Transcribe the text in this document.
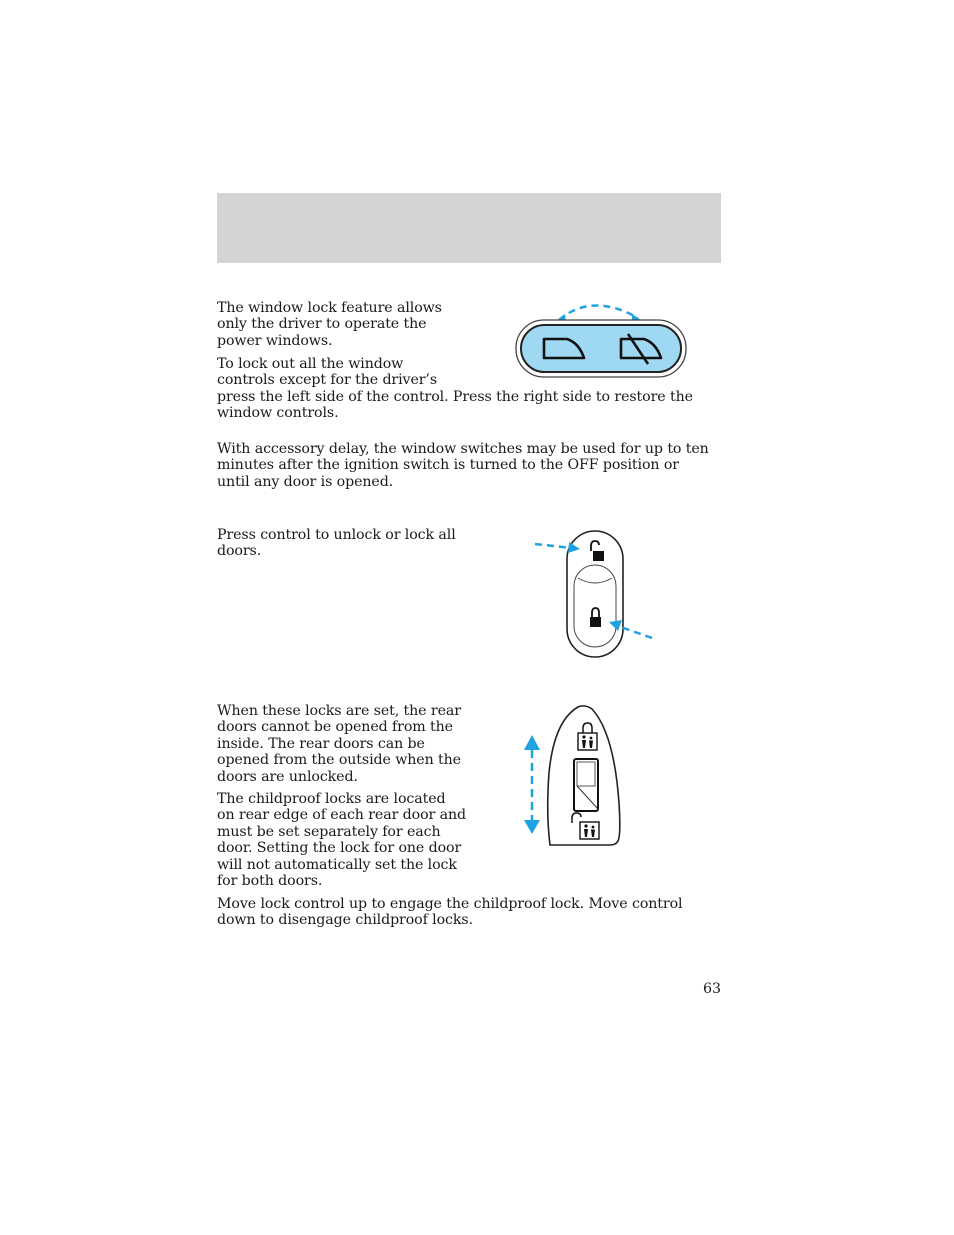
The window lock feature allows only the driver to operate the power windows.

To lock out all the window controls except for the driver’s press the left side of the control. Press the right side to restore the window controls.

With accessory delay, the window switches may be used for up to ten minutes after the ignition switch is turned to the OFF position or until any door is opened.

Press control to unlock or lock all doors.

When these locks are set, the rear doors cannot be opened from the inside. The rear doors can be opened from the outside when the doors are unlocked.

The childproof locks are located on rear edge of each rear door and must be set separately for each door. Setting the lock for one door will not automatically set the lock for both doors.

Move lock control up to engage the childproof lock. Move control down to disengage childproof locks.

63
